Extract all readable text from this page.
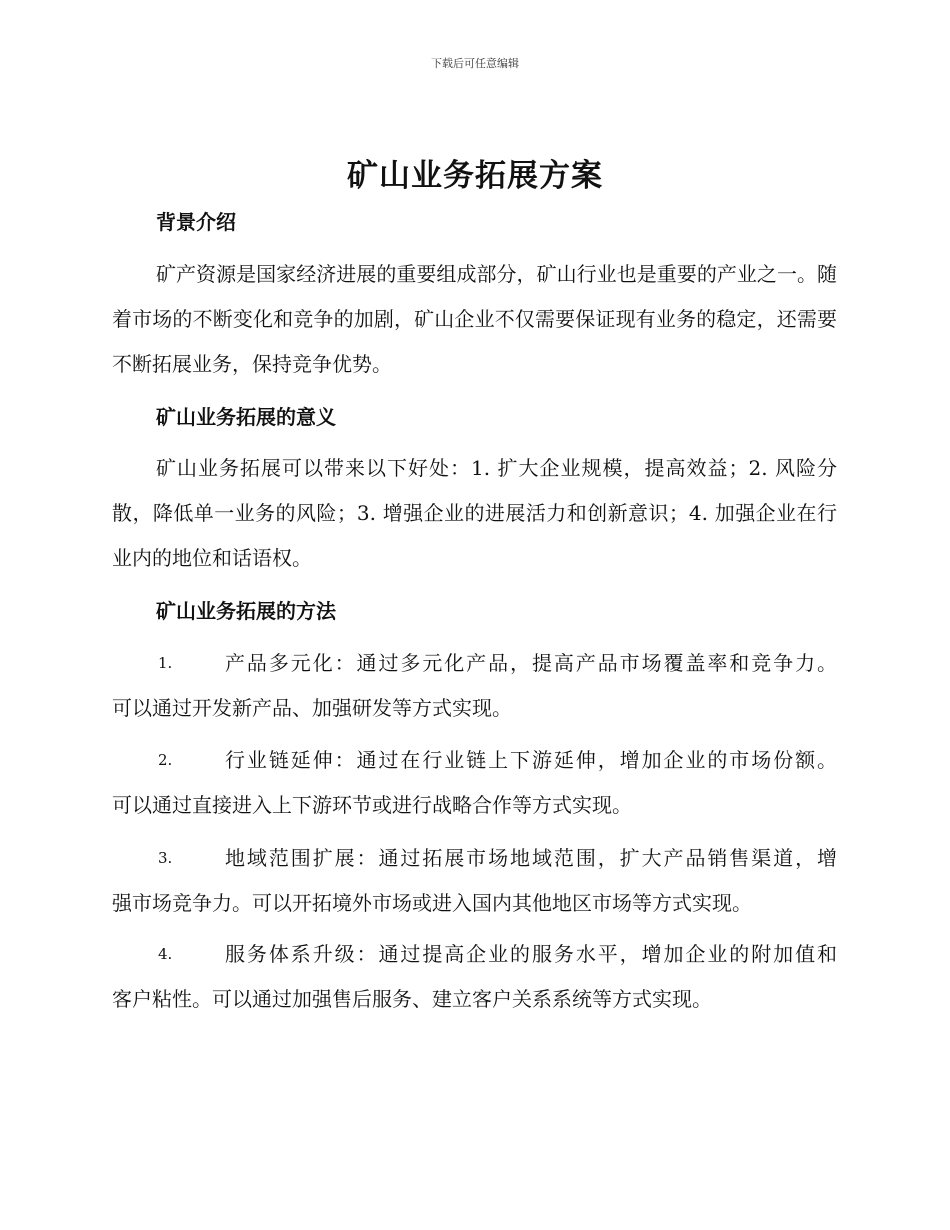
下载后可任意编辑
矿山业务拓展方案
背景介绍

矿产资源是国家经济进展的重要组成部分，矿山行业也是重要的产业之一。随着市场的不断变化和竞争的加剧，矿山企业不仅需要保证现有业务的稳定，还需要不断拓展业务，保持竞争优势。

矿山业务拓展的意义

矿山业务拓展可以带来以下好处：1. 扩大企业规模，提高效益；2. 风险分散，降低单一业务的风险；3. 增强企业的进展活力和创新意识；4. 加强企业在行业内的地位和话语权。

矿山业务拓展的方法
1.	产品多元化：通过多元化产品，提高产品市场覆盖率和竞争力。
可以通过开发新产品、加强研发等方式实现。
2.	行业链延伸：通过在行业链上下游延伸，增加企业的市场份额。
可以通过直接进入上下游环节或进行战略合作等方式实现。
3.	地域范围扩展：通过拓展市场地域范围，扩大产品销售渠道，增
强市场竞争力。可以开拓境外市场或进入国内其他地区市场等方式实现。
4.	服务体系升级：通过提高企业的服务水平，增加企业的附加值和
客户粘性。可以通过加强售后服务、建立客户关系系统等方式实现。
